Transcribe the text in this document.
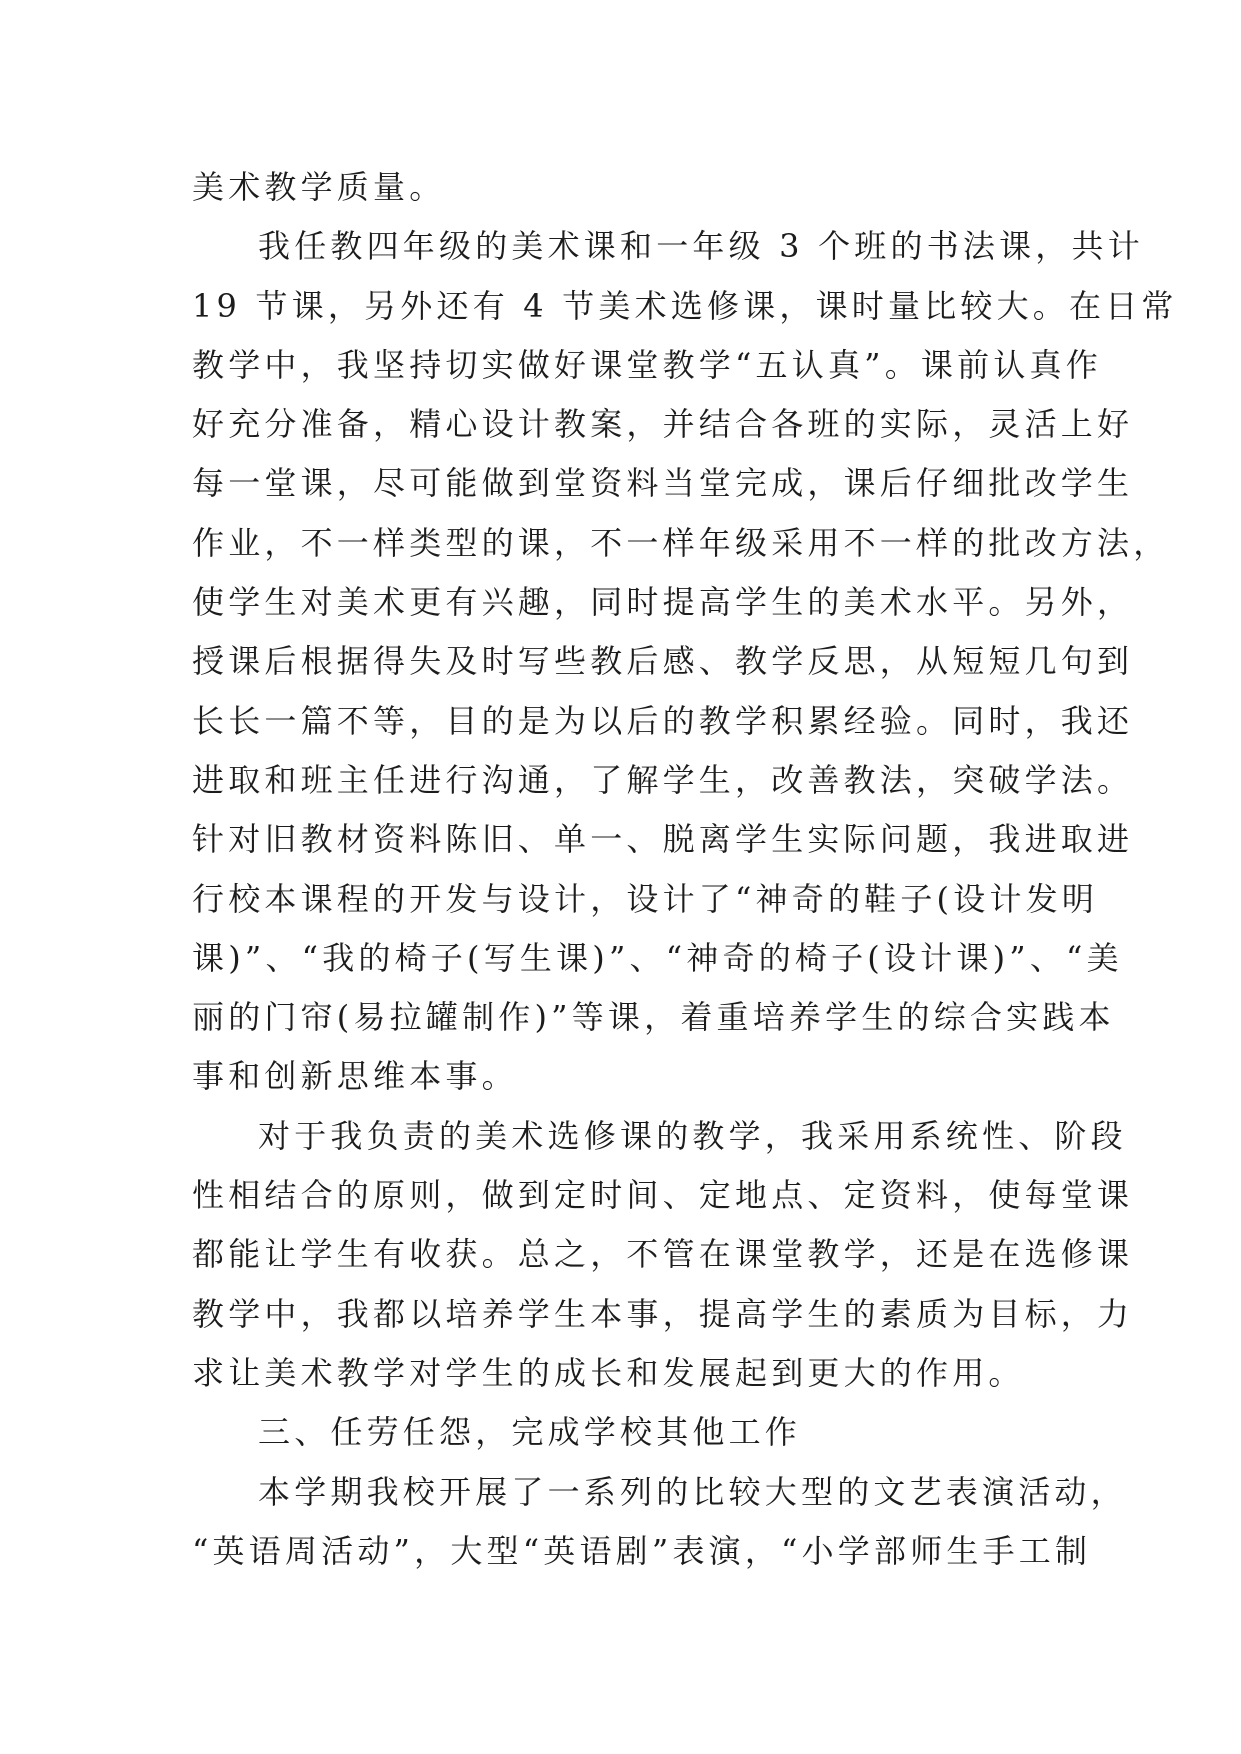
美术教学质量。
我任教四年级的美术课和一年级 3 个班的书法课，共计
19 节课，另外还有 4 节美术选修课，课时量比较大。在日常
教学中，我坚持切实做好课堂教学“五认真”。课前认真作
好充分准备，精心设计教案，并结合各班的实际，灵活上好
每一堂课，尽可能做到堂资料当堂完成，课后仔细批改学生
作业，不一样类型的课，不一样年级采用不一样的批改方法，
使学生对美术更有兴趣，同时提高学生的美术水平。另外，
授课后根据得失及时写些教后感、教学反思，从短短几句到
长长一篇不等，目的是为以后的教学积累经验。同时，我还
进取和班主任进行沟通，了解学生，改善教法，突破学法。
针对旧教材资料陈旧、单一、脱离学生实际问题，我进取进
行校本课程的开发与设计，设计了“神奇的鞋子(设计发明
课)”、“我的椅子(写生课)”、“神奇的椅子(设计课)”、“美
丽的门帘(易拉罐制作)”等课，着重培养学生的综合实践本
事和创新思维本事。
对于我负责的美术选修课的教学，我采用系统性、阶段
性相结合的原则，做到定时间、定地点、定资料，使每堂课
都能让学生有收获。总之，不管在课堂教学，还是在选修课
教学中，我都以培养学生本事，提高学生的素质为目标，力
求让美术教学对学生的成长和发展起到更大的作用。
三、任劳任怨，完成学校其他工作
本学期我校开展了一系列的比较大型的文艺表演活动，
“英语周活动”，大型“英语剧”表演，“小学部师生手工制
